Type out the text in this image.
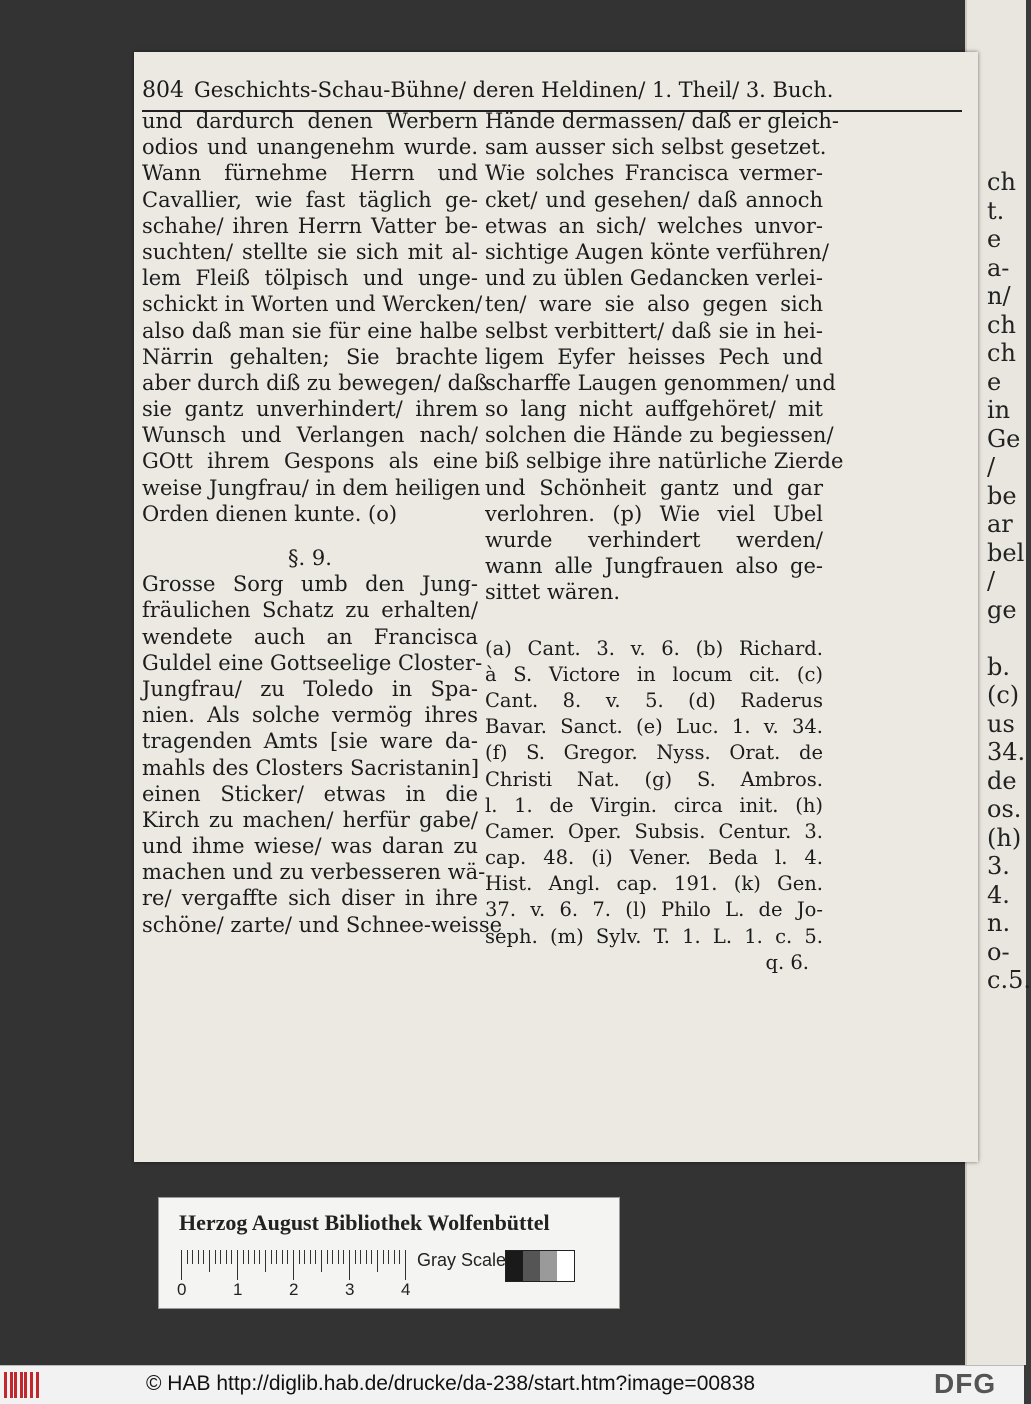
ch
t.
e
a-
n/
ch
ch
e
in
Ge
/
be
ar
bel
/
ge
b.
(c)
us
34.
de
os.
(h)
3.
4.
n.
o-
c.5.
804 Geschichts-Schau-Bühne/ deren Heldinen/ 1. Theil/ 3. Buch.
und dardurch denen Werbern
odios und unangenehm wurde.
Wann fürnehme Herrn und
Cavallier, wie fast täglich ge-
schahe/ ihren Herrn Vatter be-
suchten/ stellte sie sich mit al-
lem Fleiß tölpisch und unge-
schickt in Worten und Wercken/
also daß man sie für eine halbe
Närrin gehalten; Sie brachte
aber durch diß zu bewegen/ daß
sie gantz unverhindert/ ihrem
Wunsch und Verlangen nach/
GOtt ihrem Gespons als eine
weise Jungfrau/ in dem heiligen
Orden dienen kunte. (o)
§. 9.
Grosse Sorg umb den Jung-
fräulichen Schatz zu erhalten/
wendete auch an Francisca
Guldel eine Gottseelige Closter-
Jungfrau/ zu Toledo in Spa-
nien. Als solche vermög ihres
tragenden Amts [sie ware da-
mahls des Closters Sacristanin]
einen Sticker/ etwas in die
Kirch zu machen/ herfür gabe/
und ihme wiese/ was daran zu
machen und zu verbesseren wä-
re/ vergaffte sich diser in ihre
schöne/ zarte/ und Schnee-weisse
Hände dermassen/ daß er gleich-
sam ausser sich selbst gesetzet.
Wie solches Francisca vermer-
cket/ und gesehen/ daß annoch
etwas an sich/ welches unvor-
sichtige Augen könte verführen/
und zu üblen Gedancken verlei-
ten/ ware sie also gegen sich
selbst verbittert/ daß sie in hei-
ligem Eyfer heisses Pech und
scharffe Laugen genommen/ und
so lang nicht auffgehöret/ mit
solchen die Hände zu begiessen/
biß selbige ihre natürliche Zierde
und Schönheit gantz und gar
verlohren. (p) Wie viel Ubel
wurde verhindert werden/
wann alle Jungfrauen also ge-
sittet wären.
(a) Cant. 3. v. 6. (b) Richard.
à S. Victore in locum cit. (c)
Cant. 8. v. 5. (d) Raderus
Bavar. Sanct. (e) Luc. 1. v. 34.
(f) S. Gregor. Nyss. Orat. de
Christi Nat. (g) S. Ambros.
l. 1. de Virgin. circa init. (h)
Camer. Oper. Subsis. Centur. 3.
cap. 48. (i) Vener. Beda l. 4.
Hist. Angl. cap. 191. (k) Gen.
37. v. 6. 7. (l) Philo L. de Jo-
seph. (m) Sylv. T. 1. L. 1. c. 5.
q. 6.
Herzog August Bibliothek Wolfenbüttel
0	1	2	3	4
Gray Scale
© HAB http://diglib.hab.de/drucke/da-238/start.htm?image=00838	DFG
